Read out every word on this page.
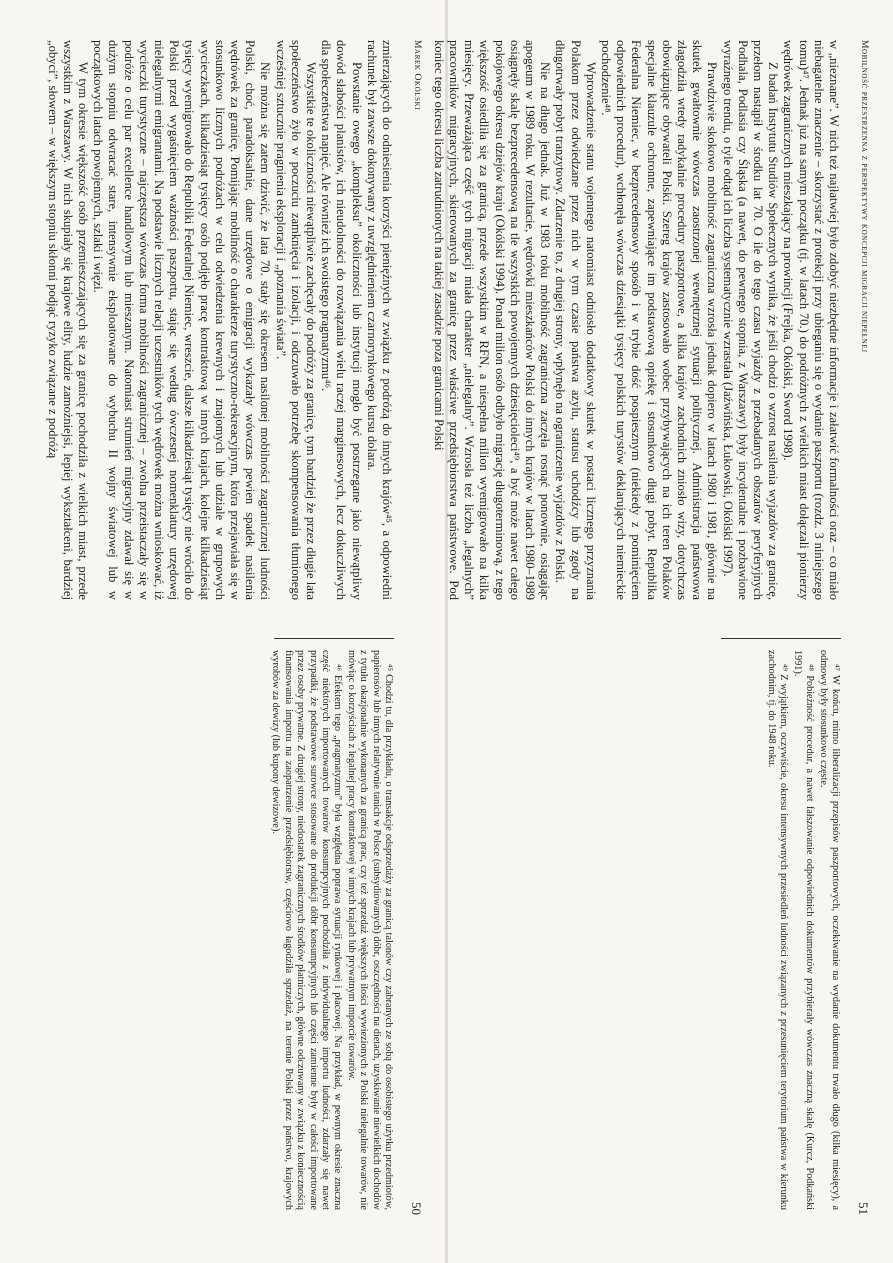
Marek Okólski
50

zmierzających do odniesienia korzyści pieniężnych w związku z podróżą do innych krajów⁴⁵, a odpowiedni rachunek był zawsze dokonywany z uwzględnieniem czarnorynkowego kursu dolara.

Powstanie owego „kompleksu” okoliczności lub instytucji mogło być postrzegane jako niewątpliwy dowód słabości planistów, ich nieudolności do rozwiązania wielu raczej marginesowych, lecz dokuczliwych dla społeczeństwa napięć. Ale również ich swoistego pragmatyzmu⁴⁶.

Wszystkie te okoliczności niewątpliwie zachęcały do podróży za granicę, tym bardziej że przez długie lata społeczeństwo żyło w poczuciu zamknięcia i izolacji, i odczuwało potrzebę skompensowania tłumionego wcześniej sztucznie pragnienia eksploracji i „poznania świata”.

Nie można się zatem dziwić, że lata 70. stały się okresem nasilonej mobilności zagranicznej ludności Polski, choć, paradoksalnie, dane urzędowe o emigracji wykazały wówczas pewien spadek nasilenia wędrówek za granicę. Pomijając mobilność o charakterze turystyczno-rekreacyjnym, która przejawiała się w stosunkowo licznych podróżach w celu odwiedzenia krewnych i znajomych lub udziale w grupowych wycieczkach, kilkadziesiąt tysięcy osób podjęło pracę kontraktową w innych krajach, kolejne kilkadziesiąt tysięcy wyemigrowało do Republiki Federalnej Niemiec, wreszcie, dalsze kilkadziesiąt tysięcy nie wróciło do Polski przed wygaśnięciem ważności paszportu, stając się według ówczesnej nomenklatury urzędowej nielegalnymi emigrantami. Na podstawie licznych relacji uczestników tych wędrówek można wnioskować, iż wycieczki turystyczne – najczęstsza wówczas forma mobilności zagranicznej – zwolna przeistaczały się w podróże o celu par excellence handlowym lub mieszanym. Natomiast strumień migracyjny zdawał się w dużym stopniu odwracać stare, intensywnie eksploatowane do wybuchu II wojny światowej lub w początkowych latach powojennych, szlaki i więzi.

W tym okresie większość osób przemieszczających się za granicę pochodziła z wielkich miast, przede wszystkim z Warszawy. W nich skupiały się krajowe elity, ludzie zamożniejsi, lepiej wykształceni, bardziej „obyci”, słowem – w większym stopniu skłonni podjąć ryzyko związane z podróżą

⁴⁵ Chodzi tu, dla przykładu, o transakcje odsprzedaży za granicą talonów czy zabranych ze sobą do osobistego użytku przedmiotów, papierosów lub innych relatywnie tanich w Polsce (subsydiowanych) dóbr, oszczędności na dietach, uzyskiwanie niewielkich dochodów z tytułu okazjonalnie wykonanych za granicą prac, czy też sprzedaż większych ilości wywiezionych z Polski nielegalnie towarów, nie mówiąc o korzyściach z legalnej pracy kontraktowej w innych krajach lub prywatnym imporcie towarów.

⁴⁶ Efektem tego „pragmatyzmu” była względna poprawa sytuacji rynkowej i płacowej. Na przykład, w pewnym okresie znaczna część niektórych importowanych towarów konsumpcyjnych pochodziła z indywidualnego importu ludności, zdarzały się nawet przypadki, że podstawowe surowce stosowane do produkcji dóbr konsumpcyjnych lub części zamienne były w całości importowane przez osoby prywatne. Z drugiej strony, niedostatek zagranicznych środków płatniczych, główne odczuwany w związku z koniecznością finansowania importu na zaopatrzenie przedsiębiorstw, częściowo łagodziła sprzedaż, na terenie Polski przez państwo, krajowych wyrobów za dewizy (lub kupony dewizowe).

Mobilność przestrzenna z perspektywy koncepcji migracji niepełnej
51

w „nieznane”. W nich też najłatwiej było zdobyć niezbędne informacje i załatwić formalności oraz – co miało niebagatelne znaczenie – skorzystać z protekcji przy ubieganiu się o wydanie paszportu (rozdz. 3 niniejszego tomu)⁴⁷. Jednak już na samym początku (tj. w latach 70.) do podróżnych z wielkich miast dołączali pionierzy wędrówek zagranicznych mieszkający na prowincji (Frejka, Okólski, Sword 1998).

Z badań Instytutu Studiów Społecznych wynika, że jeśli chodzi o wzrost nasilenia wyjazdów za granicę, przełom nastąpił w środku lat 70. O ile do tego czasu wyjazdy z przebadanych obszarów peryferyjnych Podhala, Podlasia czy Śląska (a nawet, do pewnego stopnia, z Warszawy) były incydentalne i pozbawione wyraźnego trendu, o tyle odtąd ich liczba systematycznie wzrastała (Jaźwińska, Łukowski, Okólski 1997).

Prawdziwie skokowo mobilność zagraniczna wzrosła jednak dopiero w latach 1980 i 1981, głównie na skutek gwałtownie wówczas zaostrzonej wewnętrznej sytuacji politycznej. Administracja państwowa złagodziła wtedy radykalnie procedury paszportowe, a kilka krajów zachodnich zniosło wizy, dotychczas obowiązujące obywateli Polski. Szereg krajów zastosowało wobec przybywających na ich teren Polaków specjalne klauzule ochronne, zapewniające im podstawową opiekę i stosunkowo długi pobyt. Republika Federalna Niemiec, w bezprecedensowy sposób i w trybie dość pospiesznym (niekiedy z pominięciem odpowiednich procedur), wchłonęła wówczas dziesiątki tysięcy polskich turystów deklarujących niemieckie pochodzenie⁴⁸.

Wprowadzenie stanu wojennego natomiast odniosło dodatkowy skutek w postaci licznego przyznania Polakom przez odwiedzane przez nich w tym czasie państwa azylu, statusu uchodźcy lub zgody na długotrwały pobyt tranzytowy. Zdarzenie to, z drugiej strony, wpłynęło na ograniczenie wyjazdów z Polski.

Nie na długo jednak. Już w 1983 roku mobilność zagraniczna zaczęła rosnąć ponownie, osiągając apogeum w 1989 roku. W rezultacie, wędrówki mieszkańców Polski do innych krajów w latach 1980–1989 osiągnęły skalę bezprecedensową na tle wszystkich powojennych dziesięcioleci⁴⁹, a być może nawet całego pokojowego okresu dziejów kraju (Okólski 1994). Ponad milion osób odbyło migrację długoterminową, z tego większość osiedliła się za granicą, przede wszystkim w RFN, a niespełna milion wyemigrowało na kilka miesięcy. Przeważająca część tych migracji miała charakter „nielegalny”. Wzrosła też liczba „legalnych” pracowników migracyjnych, skierowanych za granicę przez właściwe przedsiębiorstwa państwowe. Pod koniec tego okresu liczba zatrudnionych na takiej zasadzie poza granicami Polski

⁴⁷ W końcu, mimo liberalizacji przepisów paszportowych, oczekiwanie na wydanie dokumentu trwało długo (kilka miesięcy), a odmowy były stosunkowo częste.

⁴⁸ Pobieżność procedur, a nawet fałszowanie odpowiednich dokumentów przybierały wówczas znaczną skalę (Kurcz, Podkański 1991).

⁴⁹ Z wyjątkiem, oczywiście, okresu intensywnych przesiedleń ludności związanych z przesunięciem terytorium państwa w kierunku zachodnim, tj. do 1948 roku.
